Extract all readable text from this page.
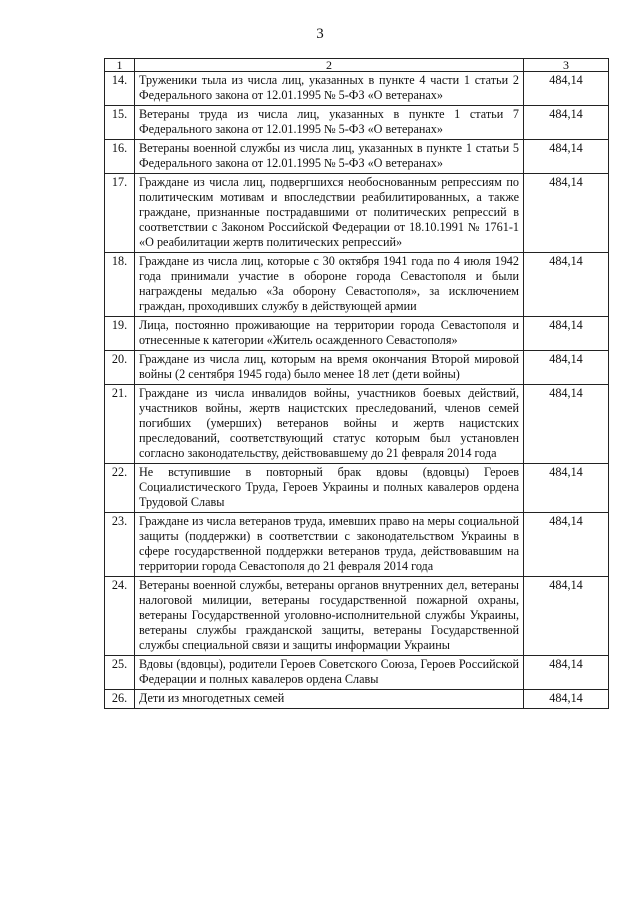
3
1	2	3
14.	Труженики тыла из числа лиц, указанных в пункте 4 части 1 статьи 2 Федерального закона от 12.01.1995 № 5-ФЗ «О ветеранах»	484,14
15.	Ветераны труда из числа лиц, указанных в пункте 1 статьи 7 Федерального закона от 12.01.1995 № 5-ФЗ «О ветеранах»	484,14
16.	Ветераны военной службы из числа лиц, указанных в пункте 1 статьи 5 Федерального закона от 12.01.1995 № 5-ФЗ «О ветеранах»	484,14
17.	Граждане из числа лиц, подвергшихся необоснованным репрессиям по политическим мотивам и впоследствии реабилитированных, а также граждане, признанные пострадавшими от политических репрессий в соответствии с Законом Российской Федерации от 18.10.1991 № 1761-1 «О реабилитации жертв политических репрессий»	484,14
18.	Граждане из числа лиц, которые с 30 октября 1941 года по 4 июля 1942 года принимали участие в обороне города Севастополя и были награждены медалью «За оборону Севастополя», за исключением граждан, проходивших службу в действующей армии	484,14
19.	Лица, постоянно проживающие на территории города Севастополя и отнесенные к категории «Житель осажденного Севастополя»	484,14
20.	Граждане из числа лиц, которым на время окончания Второй мировой войны (2 сентября 1945 года) было менее 18 лет (дети войны)	484,14
21.	Граждане из числа инвалидов войны, участников боевых действий, участников войны, жертв нацистских преследований, членов семей погибших (умерших) ветеранов войны и жертв нацистских преследований, соответствующий статус которым был установлен согласно законодательству, действовавшему до 21 февраля 2014 года	484,14
22.	Не вступившие в повторный брак вдовы (вдовцы) Героев Социалистического Труда, Героев Украины и полных кавалеров ордена Трудовой Славы	484,14
23.	Граждане из числа ветеранов труда, имевших право на меры социальной защиты (поддержки) в соответствии с законодательством Украины в сфере государственной поддержки ветеранов труда, действовавшим на территории города Севастополя до 21 февраля 2014 года	484,14
24.	Ветераны военной службы, ветераны органов внутренних дел, ветераны налоговой милиции, ветераны государственной пожарной охраны, ветераны Государственной уголовно-исполнительной службы Украины, ветераны службы гражданской защиты, ветераны Государственной службы специальной связи и защиты информации Украины	484,14
25.	Вдовы (вдовцы), родители Героев Советского Союза, Героев Российской Федерации и полных кавалеров ордена Славы	484,14
26.	Дети из многодетных семей	484,14
